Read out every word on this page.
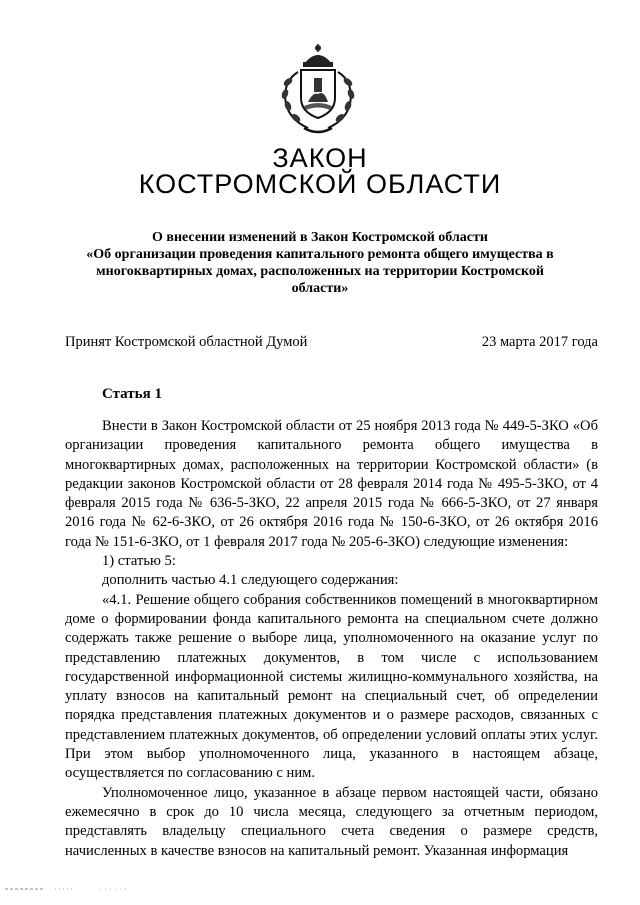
ЗАКОН
КОСТРОМСКОЙ ОБЛАСТИ
О внесении изменений в Закон Костромской области
«Об организации проведения капитального ремонта общего имущества в
многоквартирных домах, расположенных на территории Костромской
области»
Принят Костромской областной Думой	23 марта 2017 года
Статья 1

Внести в Закон Костромской области от 25 ноября 2013 года № 449-5-ЗКО «Об организации проведения капитального ремонта общего имущества в многоквартирных домах, расположенных на территории Костромской области» (в редакции законов Костромской области от 28 февраля 2014 года № 495-5-ЗКО, от 4 февраля 2015 года № 636-5-ЗКО, 22 апреля 2015 года № 666-5-ЗКО, от 27 января 2016 года № 62-6-ЗКО, от 26 октября 2016 года № 150-6-ЗКО, от 26 октября 2016 года № 151-6-ЗКО, от 1 февраля 2017 года № 205-6-ЗКО) следующие изменения:

1) статью 5:

дополнить частью 4.1 следующего содержания:

«4.1. Решение общего собрания собственников помещений в многоквартирном доме о формировании фонда капитального ремонта на специальном счете должно содержать также решение о выборе лица, уполномоченного на оказание услуг по представлению платежных документов, в том числе с использованием государственной информационной системы жилищно-коммунального хозяйства, на уплату взносов на капитальный ремонт на специальный счет, об определении порядка представления платежных документов и о размере расходов, связанных с представлением платежных документов, об определении условий оплаты этих услуг. При этом выбор уполномоченного лица, указанного в настоящем абзаце, осуществляется по согласованию с ним.

Уполномоченное лицо, указанное в абзаце первом настоящей части, обязано ежемесячно в срок до 10 числа месяца, следующего за отчетным периодом, представлять владельцу специального счета сведения о размере средств, начисленных в качестве взносов на капитальный ремонт. Указанная информация
